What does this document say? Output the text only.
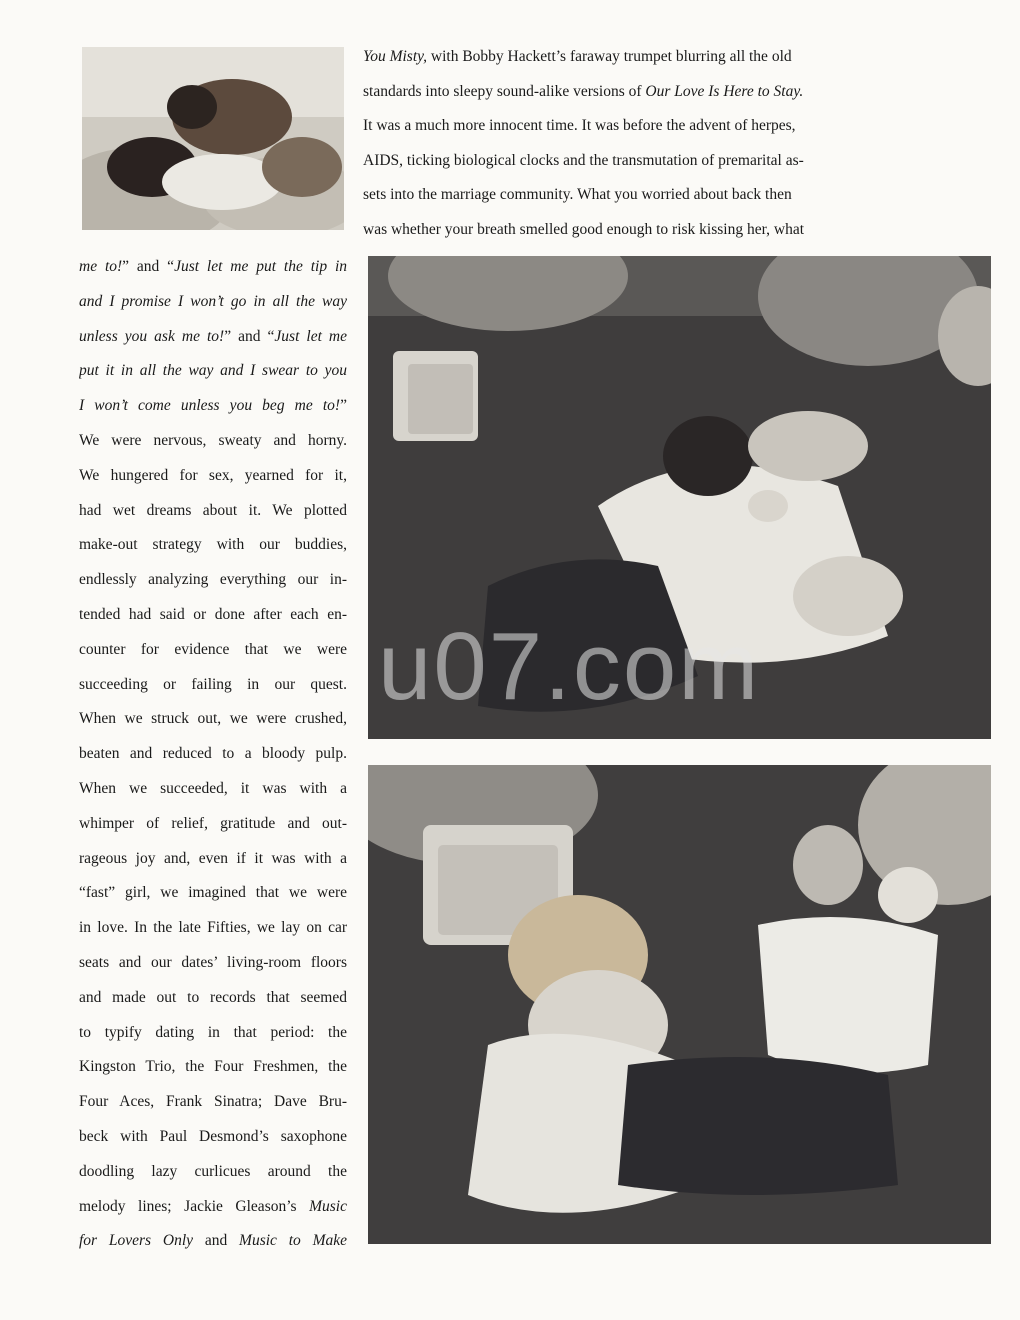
You Misty, with Bobby Hackett’s faraway trumpet blurring all the old
standards into sleepy sound-alike versions of Our Love Is Here to Stay.
It was a much more innocent time. It was before the advent of herpes,
AIDS, ticking biological clocks and the transmutation of premarital as-
sets into the marriage community. What you worried about back then
was whether your breath smelled good enough to risk kissing her, what
me to!” and “Just let me put the tip in
and I promise I won’t go in all the way
unless you ask me to!” and “Just let me
put it in all the way and I swear to you
I won’t come unless you beg me to!”
We were nervous, sweaty and horny.
We hungered for sex, yearned for it,
had wet dreams about it. We plotted
make-out strategy with our buddies,
endlessly analyzing everything our in-
tended had said or done after each en-
counter for evidence that we were
succeeding or failing in our quest.
When we struck out, we were crushed,
beaten and reduced to a bloody pulp.
When we succeeded, it was with a
whimper of relief, gratitude and out-
rageous joy and, even if it was with a
“fast” girl, we imagined that we were
in love. In the late Fifties, we lay on car
seats and our dates’ living-room floors
and made out to records that seemed
to typify dating in that period: the
Kingston Trio, the Four Freshmen, the
Four Aces, Frank Sinatra; Dave Bru-
beck with Paul Desmond’s saxophone
doodling lazy curlicues around the
melody lines; Jackie Gleason’s Music
for Lovers Only and Music to Make
u07.com
